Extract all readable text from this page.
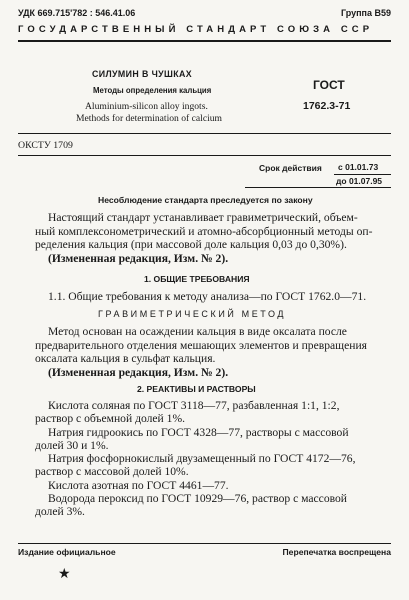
УДК 669.715'782 : 546.41.06	Группа В59
ГОСУДАРСТВЕННЫЙ СТАНДАРТ СОЮЗА ССР
СИЛУМИН В ЧУШКАХ
Методы определения кальция
Aluminium-silicon alloy ingots.
Methods for determination of calcium
ГОСТ
1762.3-71
ОКСТУ 1709
Срок действия с 01.01.73
до 01.07.95
Несоблюдение стандарта преследуется по закону

Настоящий стандарт устанавливает гравиметрический, объем-

ный комплексонометрический и атомно-абсорбционный методы оп-

ределения кальция (при массовой доле кальция 0,03 до 0,30%).

(Измененная редакция, Изм. № 2).

1. ОБЩИЕ ТРЕБОВАНИЯ
1.1. Общие требования к методу анализа—по ГОСТ 1762.0—71.
ГРАВИМЕТРИЧЕСКИЙ МЕТОД

Метод основан на осаждении кальция в виде оксалата после

предварительного отделения мешающих элементов и превращения

оксалата кальция в сульфат кальция.

(Измененная редакция, Изм. № 2).

2. РЕАКТИВЫ И РАСТВОРЫ

Кислота соляная по ГОСТ 3118—77, разбавленная 1:1, 1:2,

раствор с объемной долей 1%.

Натрия гидроокись по ГОСТ 4328—77, растворы с массовой

долей 30 и 1%.

Натрия фосфорнокислый двузамещенный по ГОСТ 4172—76,

раствор с массовой долей 10%.

Кислота азотная по ГОСТ 4461—77.

Водорода пероксид по ГОСТ 10929—76, раствор с массовой

долей 3%.

Издание официальное	Перепечатка воспрещена
★
